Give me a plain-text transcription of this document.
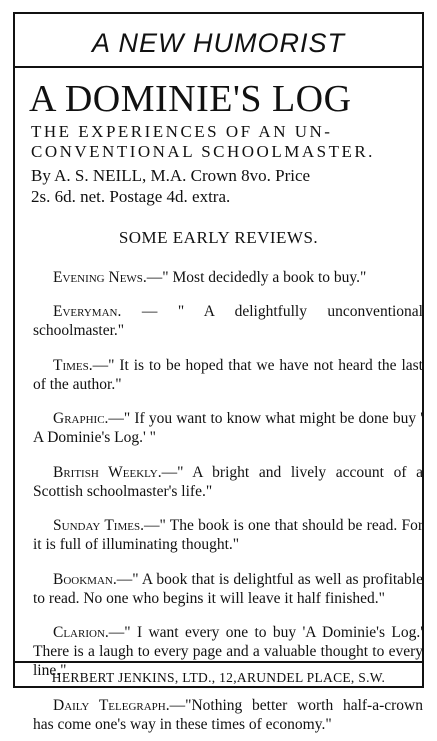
A NEW HUMORIST
A DOMINIE'S LOG
THE EXPERIENCES OF AN UN-
CONVENTIONAL SCHOOLMASTER.
By A. S. NEILL, M.A. Crown 8vo. Price
2s. 6d. net. Postage 4d. extra.
SOME EARLY REVIEWS.

Evening News.—" Most decidedly a book to buy."

Everyman. — " A delightfully unconventional schoolmaster."

Times.—" It is to be hoped that we have not heard the last of the author."

Graphic.—" If you want to know what might be done buy ' A Dominie's Log.' "

British Weekly.—" A bright and lively account of a Scottish schoolmaster's life."

Sunday Times.—" The book is one that should be read. For it is full of illuminating thought."

Bookman.—" A book that is delightful as well as profitable to read. No one who begins it will leave it half finished."

Clarion.—" I want every one to buy 'A Dominie's Log.' There is a laugh to every page and a valuable thought to every line."

Daily Telegraph.—"Nothing better worth half-a-crown has come one's way in these times of economy."

HERBERT JENKINS, LTD., 12,ARUNDEL PLACE, S.W.
